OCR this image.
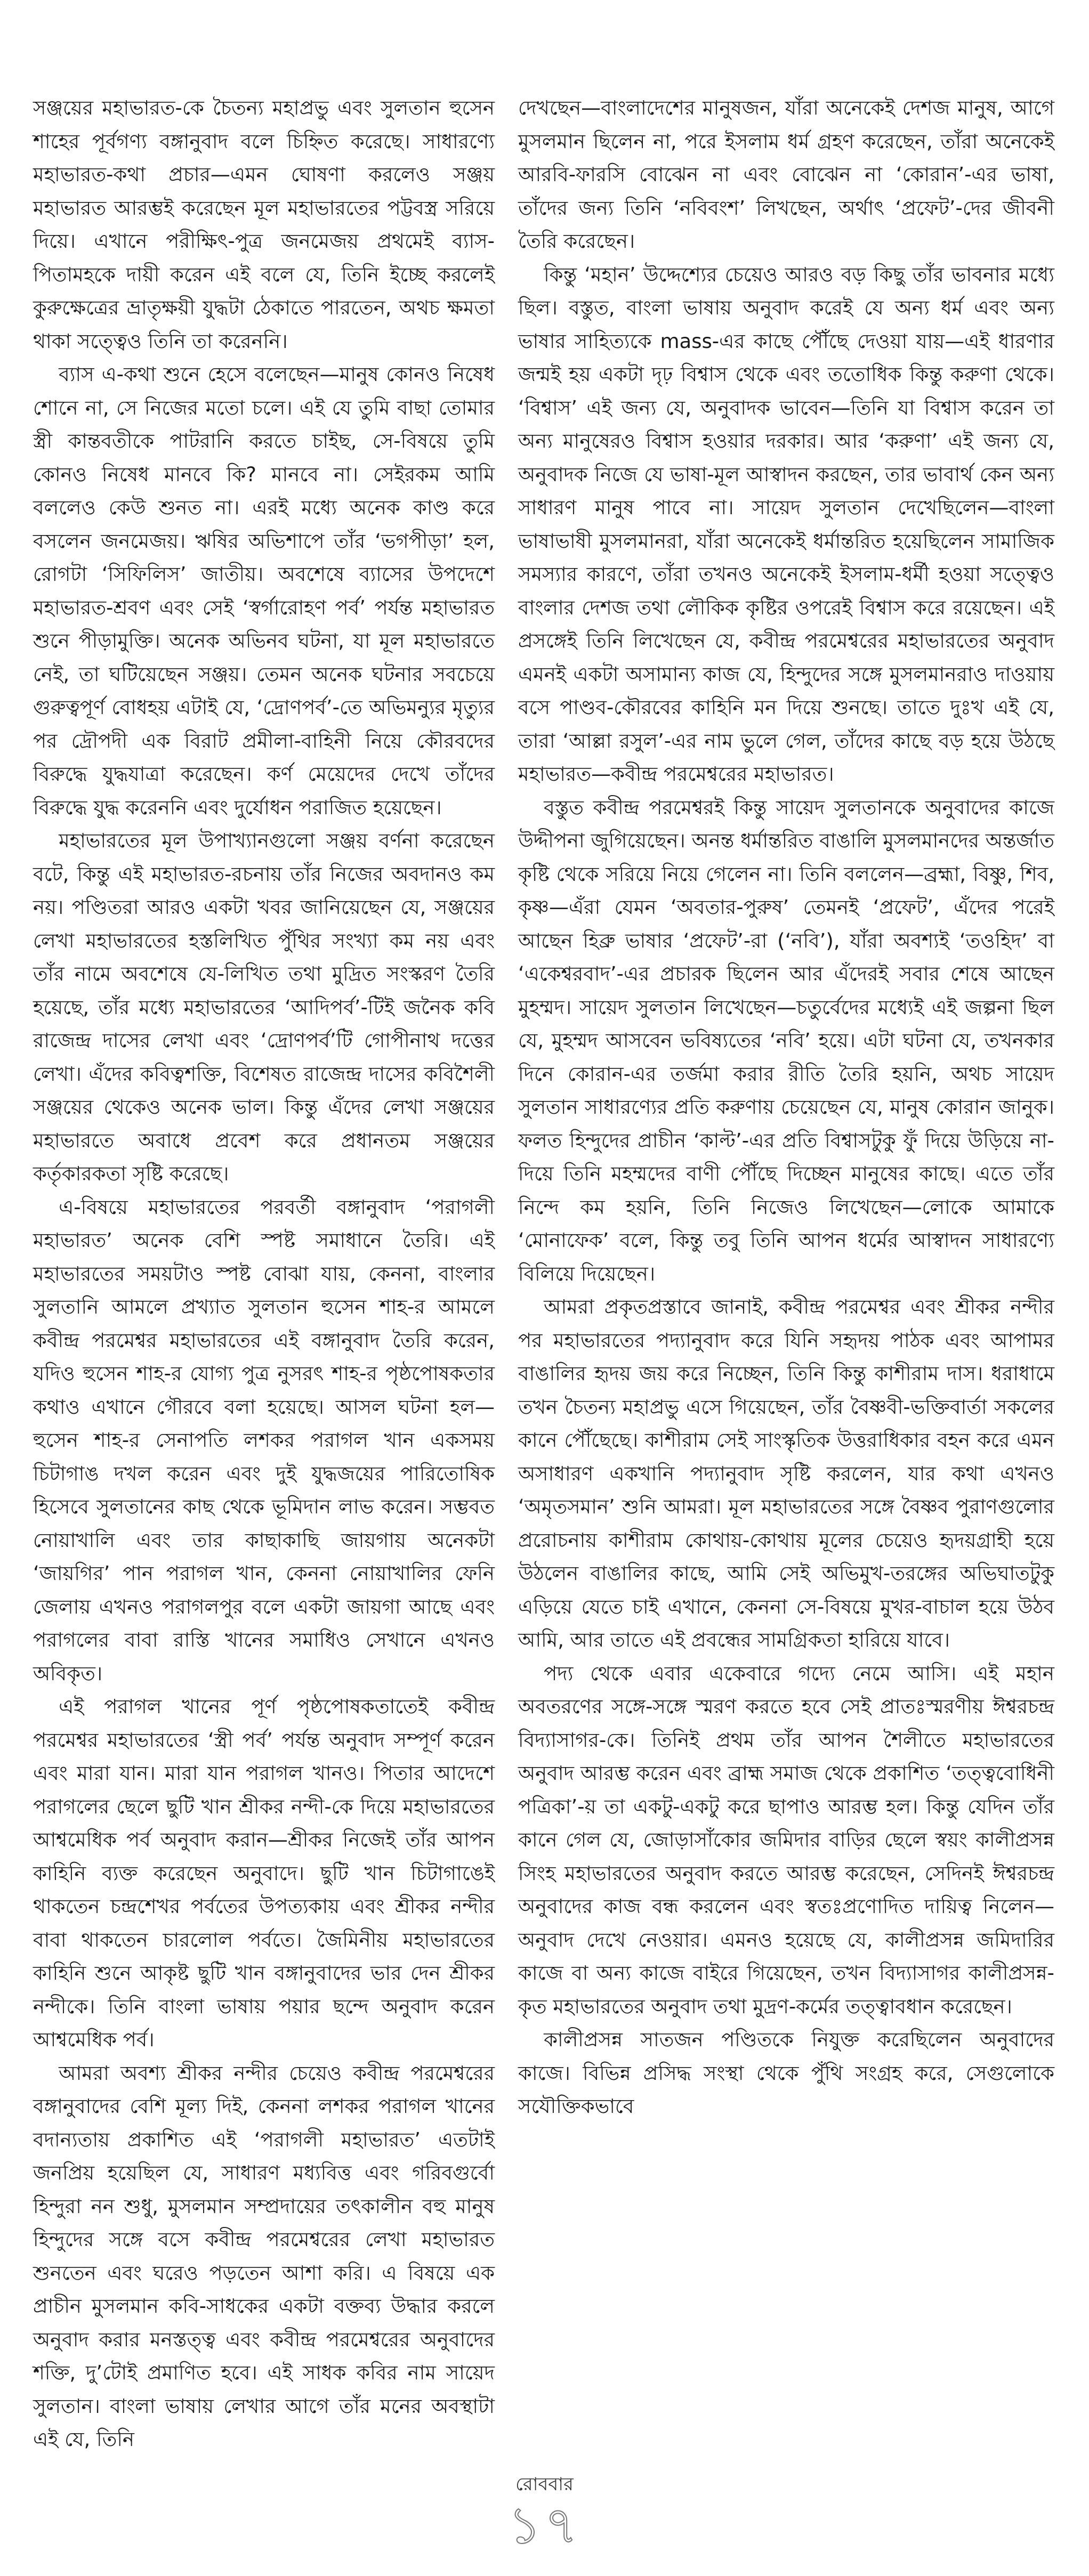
সঞ্জয়ের মহাভারত-কে চৈতন্য মহাপ্রভু এবং সুলতান হুসেন শাহের পূর্বগণ্য বঙ্গানুবাদ বলে চিহ্নিত করেছে। সাধারণ্যে মহাভারত-কথা প্রচার—এমন ঘোষণা করলেও সঞ্জয় মহাভারত আরম্ভই করেছেন মূল মহাভারতের পট্টবস্ত্র সরিয়ে দিয়ে। এখানে পরীক্ষিৎ-পুত্র জনমেজয় প্রথমেই ব্যাস-পিতামহকে দায়ী করেন এই বলে যে, তিনি ইচ্ছে করলেই কুরুক্ষেত্রের ভ্রাতৃক্ষয়ী যুদ্ধটা ঠেকাতে পারতেন, অথচ ক্ষমতা থাকা সত্ত্বেও তিনি তা করেননি।

ব্যাস এ-কথা শুনে হেসে বলেছেন—মানুষ কোনও নিষেধ শোনে না, সে নিজের মতো চলে। এই যে তুমি বাছা তোমার স্ত্রী কান্তবতীকে পাটরানি করতে চাইছ, সে-বিষয়ে তুমি কোনও নিষেধ মানবে কি? মানবে না। সেইরকম আমি বললেও কেউ শুনত না। এরই মধ্যে অনেক কাণ্ড করে বসলেন জনমেজয়। ঋষির অভিশাপে তাঁর ‘ভগপীড়া’ হল, রোগটা ‘সিফিলিস’ জাতীয়। অবশেষে ব্যাসের উপদেশে মহাভারত-শ্রবণ এবং সেই ‘স্বর্গারোহণ পর্ব’ পর্যন্ত মহাভারত শুনে পীড়ামুক্তি। অনেক অভিনব ঘটনা, যা মূল মহাভারতে নেই, তা ঘটিয়েছেন সঞ্জয়। তেমন অনেক ঘটনার সবচেয়ে গুরুত্বপূর্ণ বোধহয় এটাই যে, ‘দ্রোণপর্ব’-তে অভিমন্যুর মৃত্যুর পর দ্রৌপদী এক বিরাট প্রমীলা-বাহিনী নিয়ে কৌরবদের বিরুদ্ধে যুদ্ধযাত্রা করেছেন। কর্ণ মেয়েদের দেখে তাঁদের বিরুদ্ধে যুদ্ধ করেননি এবং দুর্যোধন পরাজিত হয়েছেন।

মহাভারতের মূল উপাখ্যানগুলো সঞ্জয় বর্ণনা করেছেন বটে, কিন্তু এই মহাভারত-রচনায় তাঁর নিজের অবদানও কম নয়। পণ্ডিতরা আরও একটা খবর জানিয়েছেন যে, সঞ্জয়ের লেখা মহাভারতের হস্তলিখিত পুঁথির সংখ্যা কম নয় এবং তাঁর নামে অবশেষে যে-লিখিত তথা মুদ্রিত সংস্করণ তৈরি হয়েছে, তাঁর মধ্যে মহাভারতের ‘আদিপর্ব’-টিই জনৈক কবি রাজেন্দ্র দাসের লেখা এবং ‘দ্রোণপর্ব’টি গোপীনাথ দত্তের লেখা। এঁদের কবিত্বশক্তি, বিশেষত রাজেন্দ্র দাসের কবিশৈলী সঞ্জয়ের থেকেও অনেক ভাল। কিন্তু এঁদের লেখা সঞ্জয়ের মহাভারতে অবাধে প্রবেশ করে প্রধানতম সঞ্জয়ের কর্তৃকারকতা সৃষ্টি করেছে।

এ-বিষয়ে মহাভারতের পরবর্তী বঙ্গানুবাদ ‘পরাগলী মহাভারত’ অনেক বেশি স্পষ্ট সমাধানে তৈরি। এই মহাভারতের সময়টাও স্পষ্ট বোঝা যায়, কেননা, বাংলার সুলতানি আমলে প্রখ্যাত সুলতান হুসেন শাহ-র আমলে কবীন্দ্র পরমেশ্বর মহাভারতের এই বঙ্গানুবাদ তৈরি করেন, যদিও হুসেন শাহ-র যোগ্য পুত্র নুসরৎ শাহ-র পৃষ্ঠপোষকতার কথাও এখানে গৌরবে বলা হয়েছে। আসল ঘটনা হল—হুসেন শাহ-র সেনাপতি লশকর পরাগল খান একসময় চিটাগাঙ দখল করেন এবং দুই যুদ্ধজয়ের পারিতোষিক হিসেবে সুলতানের কাছ থেকে ভূমিদান লাভ করেন। সম্ভবত নোয়াখালি এবং তার কাছাকাছি জায়গায় অনেকটা ‘জায়গির’ পান পরাগল খান, কেননা নোয়াখালির ফেনি জেলায় এখনও পরাগলপুর বলে একটা জায়গা আছে এবং পরাগলের বাবা রাস্তি খানের সমাধিও সেখানে এখনও অবিকৃত।

এই পরাগল খানের পূর্ণ পৃষ্ঠপোষকতাতেই কবীন্দ্র পরমেশ্বর মহাভারতের ‘স্ত্রী পর্ব’ পর্যন্ত অনুবাদ সম্পূর্ণ করেন এবং মারা যান। মারা যান পরাগল খানও। পিতার আদেশে পরাগলের ছেলে ছুটি খান শ্রীকর নন্দী-কে দিয়ে মহাভারতের আশ্বমেধিক পর্ব অনুবাদ করান—শ্রীকর নিজেই তাঁর আপন কাহিনি ব্যক্ত করেছেন অনুবাদে। ছুটি খান চিটাগাঙেই থাকতেন চন্দ্রশেখর পর্বতের উপত্যকায় এবং শ্রীকর নন্দীর বাবা থাকতেন চারলোল পর্বতে। জৈমিনীয় মহাভারতের কাহিনি শুনে আকৃষ্ট ছুটি খান বঙ্গানুবাদের ভার দেন শ্রীকর নন্দীকে। তিনি বাংলা ভাষায় পয়ার ছন্দে অনুবাদ করেন আশ্বমেধিক পর্ব।

আমরা অবশ্য শ্রীকর নন্দীর চেয়েও কবীন্দ্র পরমেশ্বরের বঙ্গানুবাদের বেশি মূল্য দিই, কেননা লশকর পরাগল খানের বদান্যতায় প্রকাশিত এই ‘পরাগলী মহাভারত’ এতটাই জনপ্রিয় হয়েছিল যে, সাধারণ মধ্যবিত্ত এবং গরিবগুর্বো হিন্দুরা নন শুধু, মুসলমান সম্প্রদায়ের তৎকালীন বহু মানুষ হিন্দুদের সঙ্গে বসে কবীন্দ্র পরমেশ্বরের লেখা মহাভারত শুনতেন এবং ঘরেও পড়তেন আশা করি। এ বিষয়ে এক প্রাচীন মুসলমান কবি-সাধকের একটা বক্তব্য উদ্ধার করলে অনুবাদ করার মনস্তত্ত্ব এবং কবীন্দ্র পরমেশ্বরের অনুবাদের শক্তি, দু’টোই প্রমাণিত হবে। এই সাধক কবির নাম সায়েদ সুলতান। বাংলা ভাষায় লেখার আগে তাঁর মনের অবস্থাটা এই যে, তিনি

দেখছেন—বাংলাদেশের মানুষজন, যাঁরা অনেকেই দেশজ মানুষ, আগে মুসলমান ছিলেন না, পরে ইসলাম ধর্ম গ্রহণ করেছেন, তাঁরা অনেকেই আরবি-ফারসি বোঝেন না এবং বোঝেন না ‘কোরান’-এর ভাষা, তাঁদের জন্য তিনি ‘নবিবংশ’ লিখছেন, অর্থাৎ ‘প্রফেট’-দের জীবনী তৈরি করেছেন।

কিন্তু ‘মহান’ উদ্দেশ্যের চেয়েও আরও বড় কিছু তাঁর ভাবনার মধ্যে ছিল। বস্তুত, বাংলা ভাষায় অনুবাদ করেই যে অন্য ধর্ম এবং অন্য ভাষার সাহিত্যকে mass-এর কাছে পৌঁছে দেওয়া যায়—এই ধারণার জন্মই হয় একটা দৃঢ় বিশ্বাস থেকে এবং ততোধিক কিন্তু করুণা থেকে। ‘বিশ্বাস’ এই জন্য যে, অনুবাদক ভাবেন—তিনি যা বিশ্বাস করেন তা অন্য মানুষেরও বিশ্বাস হওয়ার দরকার। আর ‘করুণা’ এই জন্য যে, অনুবাদক নিজে যে ভাষা-মূল আস্বাদন করছেন, তার ভাবার্থ কেন অন্য সাধারণ মানুষ পাবে না। সায়েদ সুলতান দেখেছিলেন—বাংলা ভাষাভাষী মুসলমানরা, যাঁরা অনেকেই ধর্মান্তরিত হয়েছিলেন সামাজিক সমস্যার কারণে, তাঁরা তখনও অনেকেই ইসলাম-ধর্মী হওয়া সত্ত্বেও বাংলার দেশজ তথা লৌকিক কৃষ্টির ওপরেই বিশ্বাস করে রয়েছেন। এই প্রসঙ্গেই তিনি লিখেছেন যে, কবীন্দ্র পরমেশ্বরের মহাভারতের অনুবাদ এমনই একটা অসামান্য কাজ যে, হিন্দুদের সঙ্গে মুসলমানরাও দাওয়ায় বসে পাণ্ডব-কৌরবের কাহিনি মন দিয়ে শুনছে। তাতে দুঃখ এই যে, তারা ‘আল্লা রসুল’-এর নাম ভুলে গেল, তাঁদের কাছে বড় হয়ে উঠছে মহাভারত—কবীন্দ্র পরমেশ্বরের মহাভারত।

বস্তুত কবীন্দ্র পরমেশ্বরই কিন্তু সায়েদ সুলতানকে অনুবাদের কাজে উদ্দীপনা জুগিয়েছেন। অনন্ত ধর্মান্তরিত বাঙালি মুসলমানদের অন্তর্জাত কৃষ্টি থেকে সরিয়ে নিয়ে গেলেন না। তিনি বললেন—ব্রহ্মা, বিষ্ণু, শিব, কৃষ্ণ—এঁরা যেমন ‘অবতার-পুরুষ’ তেমনই ‘প্রফেট’, এঁদের পরেই আছেন হিব্রু ভাষার ‘প্রফেট’-রা (‘নবি’), যাঁরা অবশ্যই ‘তওহিদ’ বা ‘একেশ্বরবাদ’-এর প্রচারক ছিলেন আর এঁদেরই সবার শেষে আছেন মুহম্মদ। সায়েদ সুলতান লিখেছেন—চতুর্বেদের মধ্যেই এই জল্পনা ছিল যে, মুহম্মদ আসবেন ভবিষ্যতের ‘নবি’ হয়ে। এটা ঘটনা যে, তখনকার দিনে কোরান-এর তর্জমা করার রীতি তৈরি হয়নি, অথচ সায়েদ সুলতান সাধারণ্যের প্রতি করুণায় চেয়েছেন যে, মানুষ কোরান জানুক। ফলত হিন্দুদের প্রাচীন ‘কাল্ট’-এর প্রতি বিশ্বাসটুকু ফুঁ দিয়ে উড়িয়ে না-দিয়ে তিনি মহম্মদের বাণী পৌঁছে দিচ্ছেন মানুষের কাছে। এতে তাঁর নিন্দে কম হয়নি, তিনি নিজেও লিখেছেন—লোকে আমাকে ‘মোনাফেক’ বলে, কিন্তু তবু তিনি আপন ধর্মের আস্বাদন সাধারণ্যে বিলিয়ে দিয়েছেন।

আমরা প্রকৃতপ্রস্তাবে জানাই, কবীন্দ্র পরমেশ্বর এবং শ্রীকর নন্দীর পর মহাভারতের পদ্যানুবাদ করে যিনি সহৃদয় পাঠক এবং আপামর বাঙালির হৃদয় জয় করে নিচ্ছেন, তিনি কিন্তু কাশীরাম দাস। ধরাধামে তখন চৈতন্য মহাপ্রভু এসে গিয়েছেন, তাঁর বৈষ্ণবী-ভক্তিবার্তা সকলের কানে পৌঁছেছে। কাশীরাম সেই সাংস্কৃতিক উত্তরাধিকার বহন করে এমন অসাধারণ একখানি পদ্যানুবাদ সৃষ্টি করলেন, যার কথা এখনও ‘অমৃতসমান’ শুনি আমরা। মূল মহাভারতের সঙ্গে বৈষ্ণব পুরাণগুলোর প্ররোচনায় কাশীরাম কোথায়-কোথায় মূলের চেয়েও হৃদয়গ্রাহী হয়ে উঠলেন বাঙালির কাছে, আমি সেই অভিমুখ-তরঙ্গের অভিঘাতটুকু এড়িয়ে যেতে চাই এখানে, কেননা সে-বিষয়ে মুখর-বাচাল হয়ে উঠব আমি, আর তাতে এই প্রবন্ধের সামগ্রিকতা হারিয়ে যাবে।

পদ্য থেকে এবার একেবারে গদ্যে নেমে আসি। এই মহান অবতরণের সঙ্গে-সঙ্গে স্মরণ করতে হবে সেই প্রাতঃস্মরণীয় ঈশ্বরচন্দ্র বিদ্যাসাগর-কে। তিনিই প্রথম তাঁর আপন শৈলীতে মহাভারতের অনুবাদ আরম্ভ করেন এবং ব্রাহ্ম সমাজ থেকে প্রকাশিত ‘তত্ত্ববোধিনী পত্রিকা’-য় তা একটু-একটু করে ছাপাও আরম্ভ হল। কিন্তু যেদিন তাঁর কানে গেল যে, জোড়াসাঁকোর জমিদার বাড়ির ছেলে স্বয়ং কালীপ্রসন্ন সিংহ মহাভারতের অনুবাদ করতে আরম্ভ করেছেন, সেদিনই ঈশ্বরচন্দ্র অনুবাদের কাজ বন্ধ করলেন এবং স্বতঃপ্রণোদিত দায়িত্ব নিলেন—অনুবাদ দেখে নেওয়ার। এমনও হয়েছে যে, কালীপ্রসন্ন জমিদারির কাজে বা অন্য কাজে বাইরে গিয়েছেন, তখন বিদ্যাসাগর কালীপ্রসন্ন-কৃত মহাভারতের অনুবাদ তথা মুদ্রণ-কর্মের তত্ত্বাবধান করেছেন।

কালীপ্রসন্ন সাতজন পণ্ডিতকে নিযুক্ত করেছিলেন অনুবাদের কাজে। বিভিন্ন প্রসিদ্ধ সংস্থা থেকে পুঁথি সংগ্রহ করে, সেগুলোকে সযৌক্তিকভাবে

রোববার
১৭
